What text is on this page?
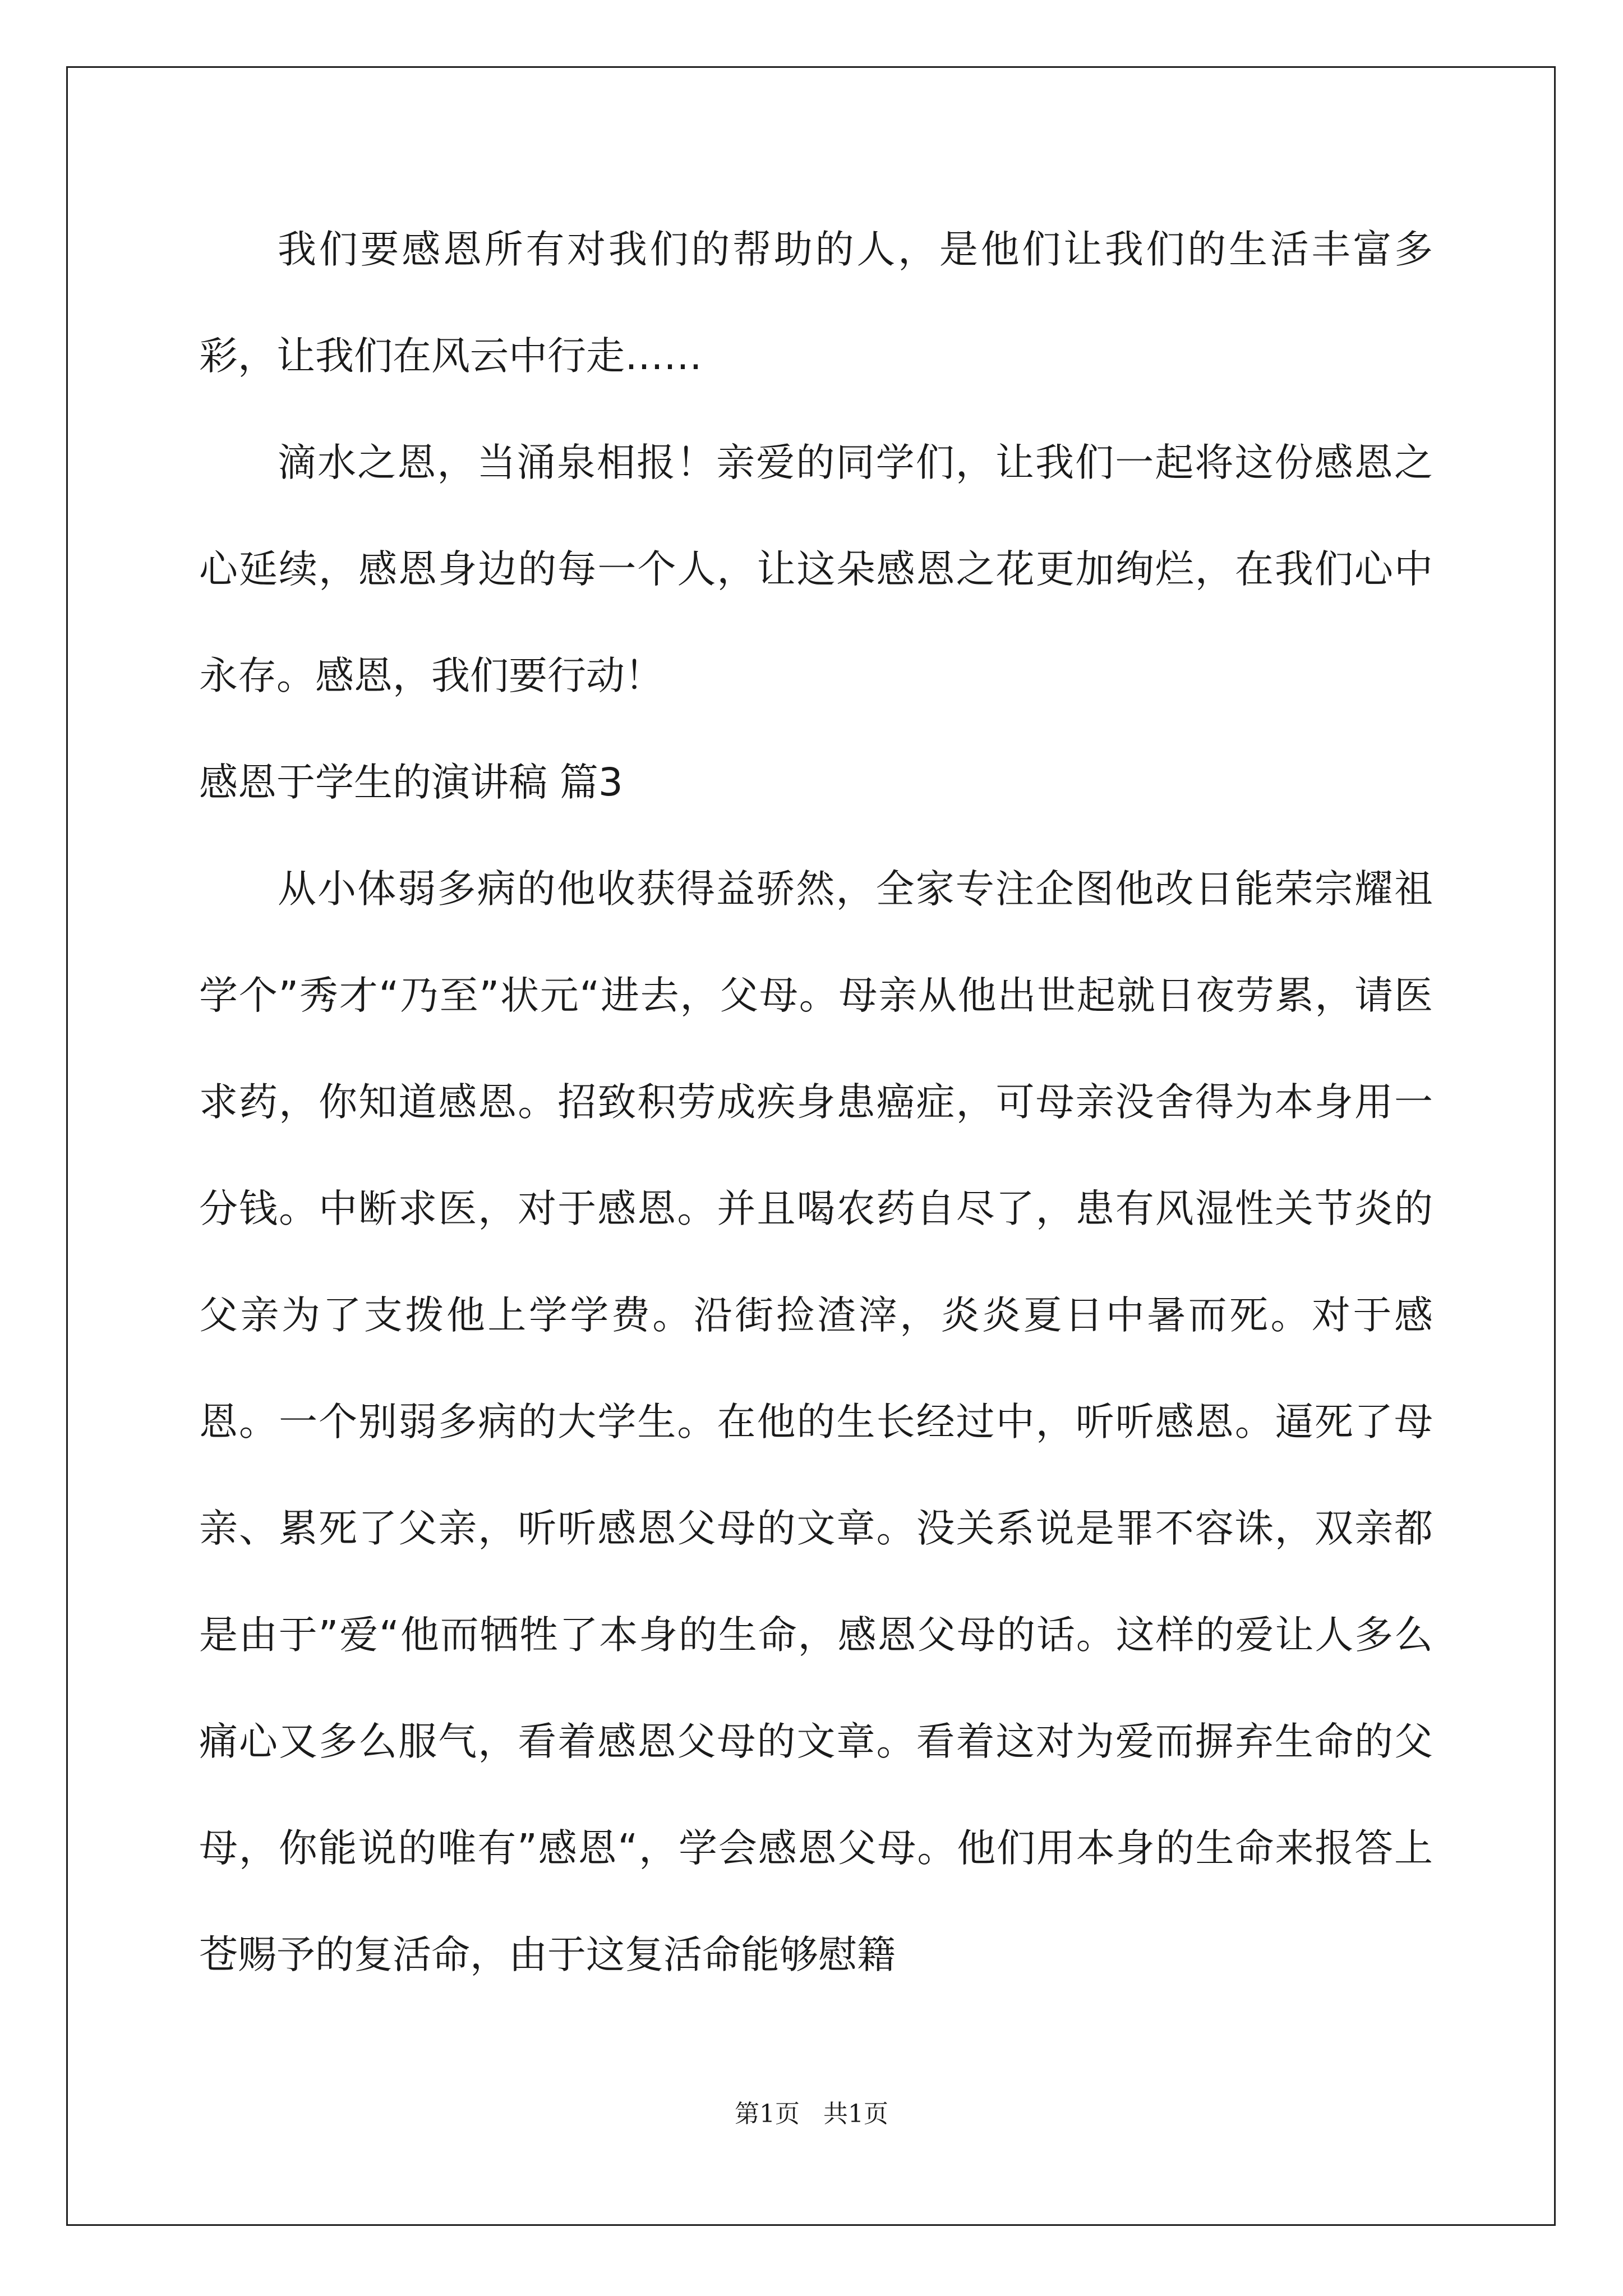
我们要感恩所有对我们的帮助的人，是他们让我们的生活丰富多彩，让我们在风云中行走……

滴水之恩，当涌泉相报！亲爱的同学们，让我们一起将这份感恩之心延续，感恩身边的每一个人，让这朵感恩之花更加绚烂，在我们心中永存。感恩，我们要行动！

感恩于学生的演讲稿 篇3

从小体弱多病的他收获得益骄然，全家专注企图他改日能荣宗耀祖学个”秀才“乃至”状元“进去，父母。母亲从他出世起就日夜劳累，请医求药，你知道感恩。招致积劳成疾身患癌症，可母亲没舍得为本身用一分钱。中断求医，对于感恩。并且喝农药自尽了，患有风湿性关节炎的父亲为了支拨他上学学费。沿街捡渣滓，炎炎夏日中暑而死。对于感恩。一个别弱多病的大学生。在他的生长经过中，听听感恩。逼死了母亲、累死了父亲，听听感恩父母的文章。没关系说是罪不容诛，双亲都是由于”爱“他而牺牲了本身的生命，感恩父母的话。这样的爱让人多么痛心又多么服气，看着感恩父母的文章。看着这对为爱而摒弃生命的父母，你能说的唯有”感恩“，学会感恩父母。他们用本身的生命来报答上苍赐予的复活命，由于这复活命能够慰籍

第1页   共1页
